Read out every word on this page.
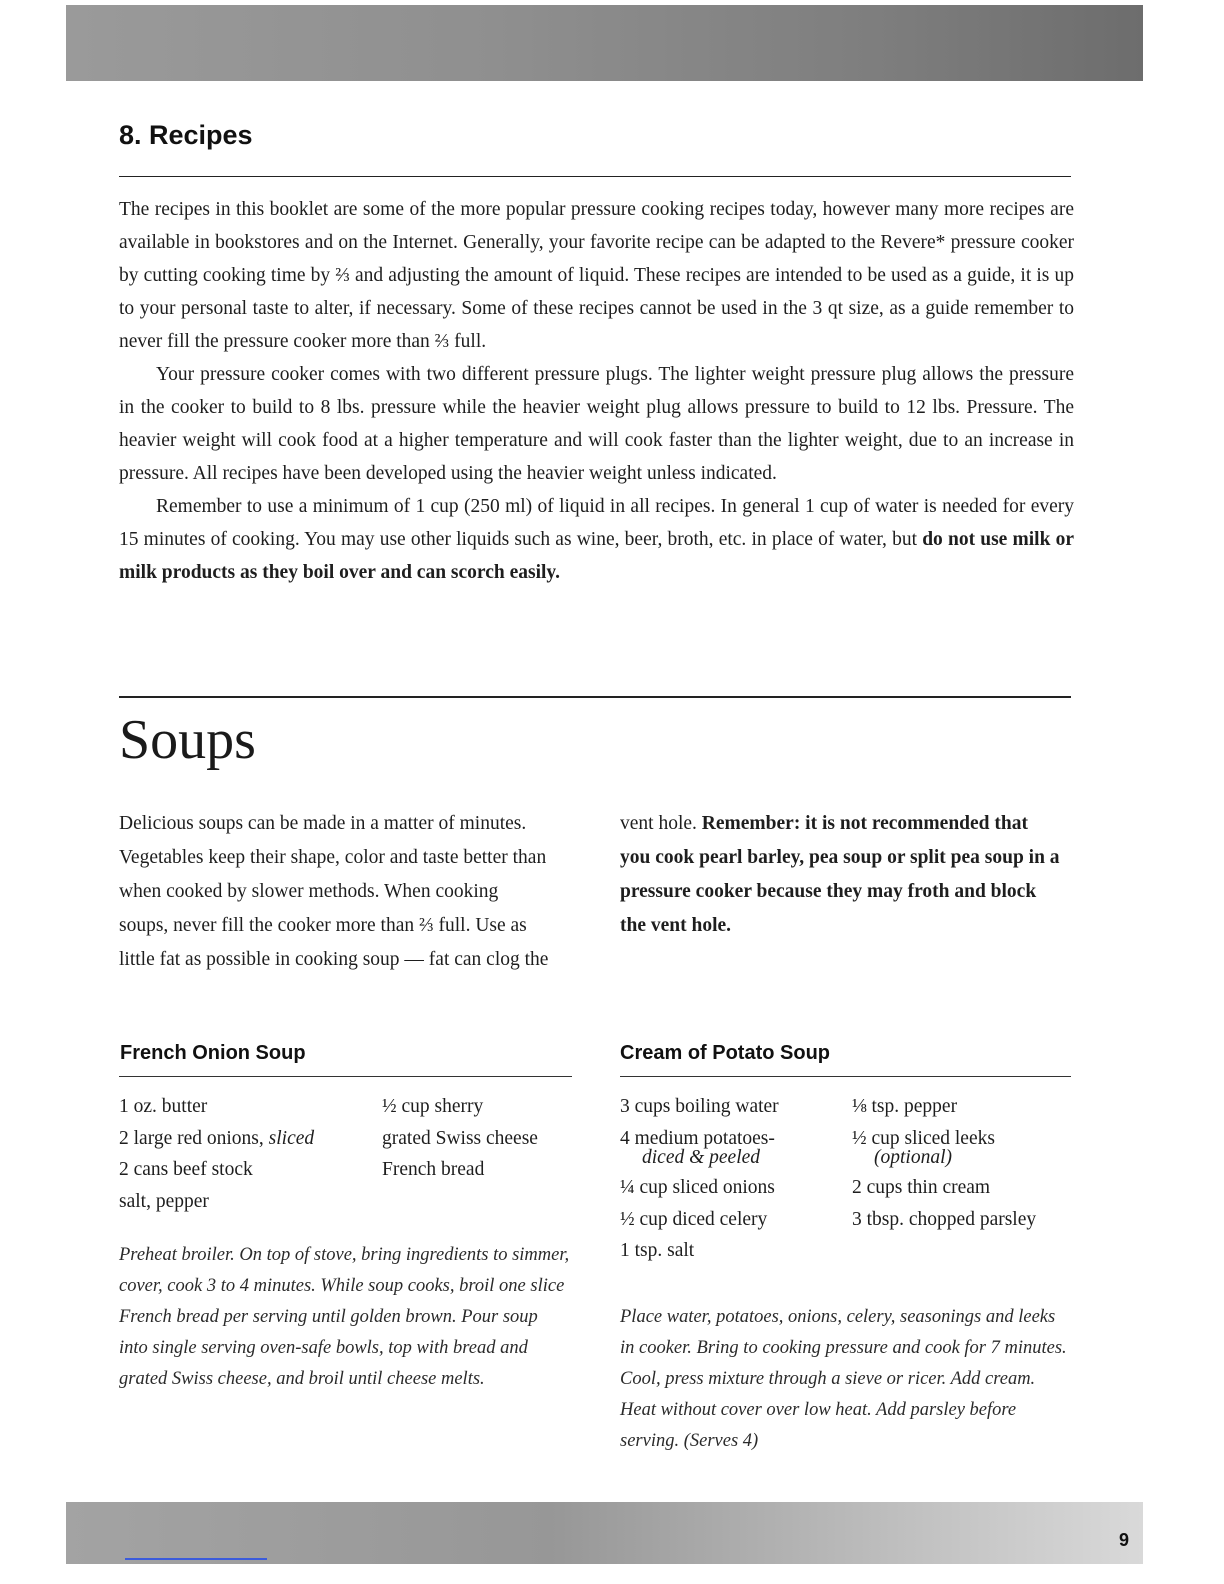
8. Recipes

The recipes in this booklet are some of the more popular pressure cooking recipes today, however many more recipes are available in bookstores and on the Internet. Generally, your favorite recipe can be adapted to the Revere* pressure cooker by cutting cooking time by ⅔ and adjusting the amount of liquid. These recipes are intended to be used as a guide, it is up to your personal taste to alter, if necessary. Some of these recipes cannot be used in the 3 qt size, as a guide remember to never fill the pressure cooker more than ⅔ full.

Your pressure cooker comes with two different pressure plugs. The lighter weight pressure plug allows the pressure in the cooker to build to 8 lbs. pressure while the heavier weight plug allows pressure to build to 12 lbs. Pressure. The heavier weight will cook food at a higher temperature and will cook faster than the lighter weight, due to an increase in pressure. All recipes have been developed using the heavier weight unless indicated.

Remember to use a minimum of 1 cup (250 ml) of liquid in all recipes. In general 1 cup of water is needed for every 15 minutes of cooking. You may use other liquids such as wine, beer, broth, etc. in place of water, but do not use milk or milk products as they boil over and can scorch easily.

Soups
Delicious soups can be made in a matter of minutes. Vegetables keep their shape, color and taste better than when cooked by slower methods. When cooking soups, never fill the cooker more than ⅔ full. Use as little fat as possible in cooking soup — fat can clog the
vent hole. Remember: it is not recommended that you cook pearl barley, pea soup or split pea soup in a pressure cooker because they may froth and block the vent hole.
French Onion Soup
1 oz. butter
2 large red onions, sliced
2 cans beef stock
salt, pepper
½ cup sherry
grated Swiss cheese
French bread
Preheat broiler. On top of stove, bring ingredients to simmer, cover, cook 3 to 4 minutes. While soup cooks, broil one slice French bread per serving until golden brown. Pour soup into single serving oven-safe bowls, top with bread and grated Swiss cheese, and broil until cheese melts.
Cream of Potato Soup
3 cups boiling water
4 medium potatoes-
diced & peeled
¼ cup sliced onions
½ cup diced celery
1 tsp. salt
⅛ tsp. pepper
½ cup sliced leeks
(optional)
2 cups thin cream
3 tbsp. chopped parsley
Place water, potatoes, onions, celery, seasonings and leeks in cooker. Bring to cooking pressure and cook for 7 minutes. Cool, press mixture through a sieve or ricer. Add cream. Heat without cover over low heat. Add parsley before serving. (Serves 4)
9
